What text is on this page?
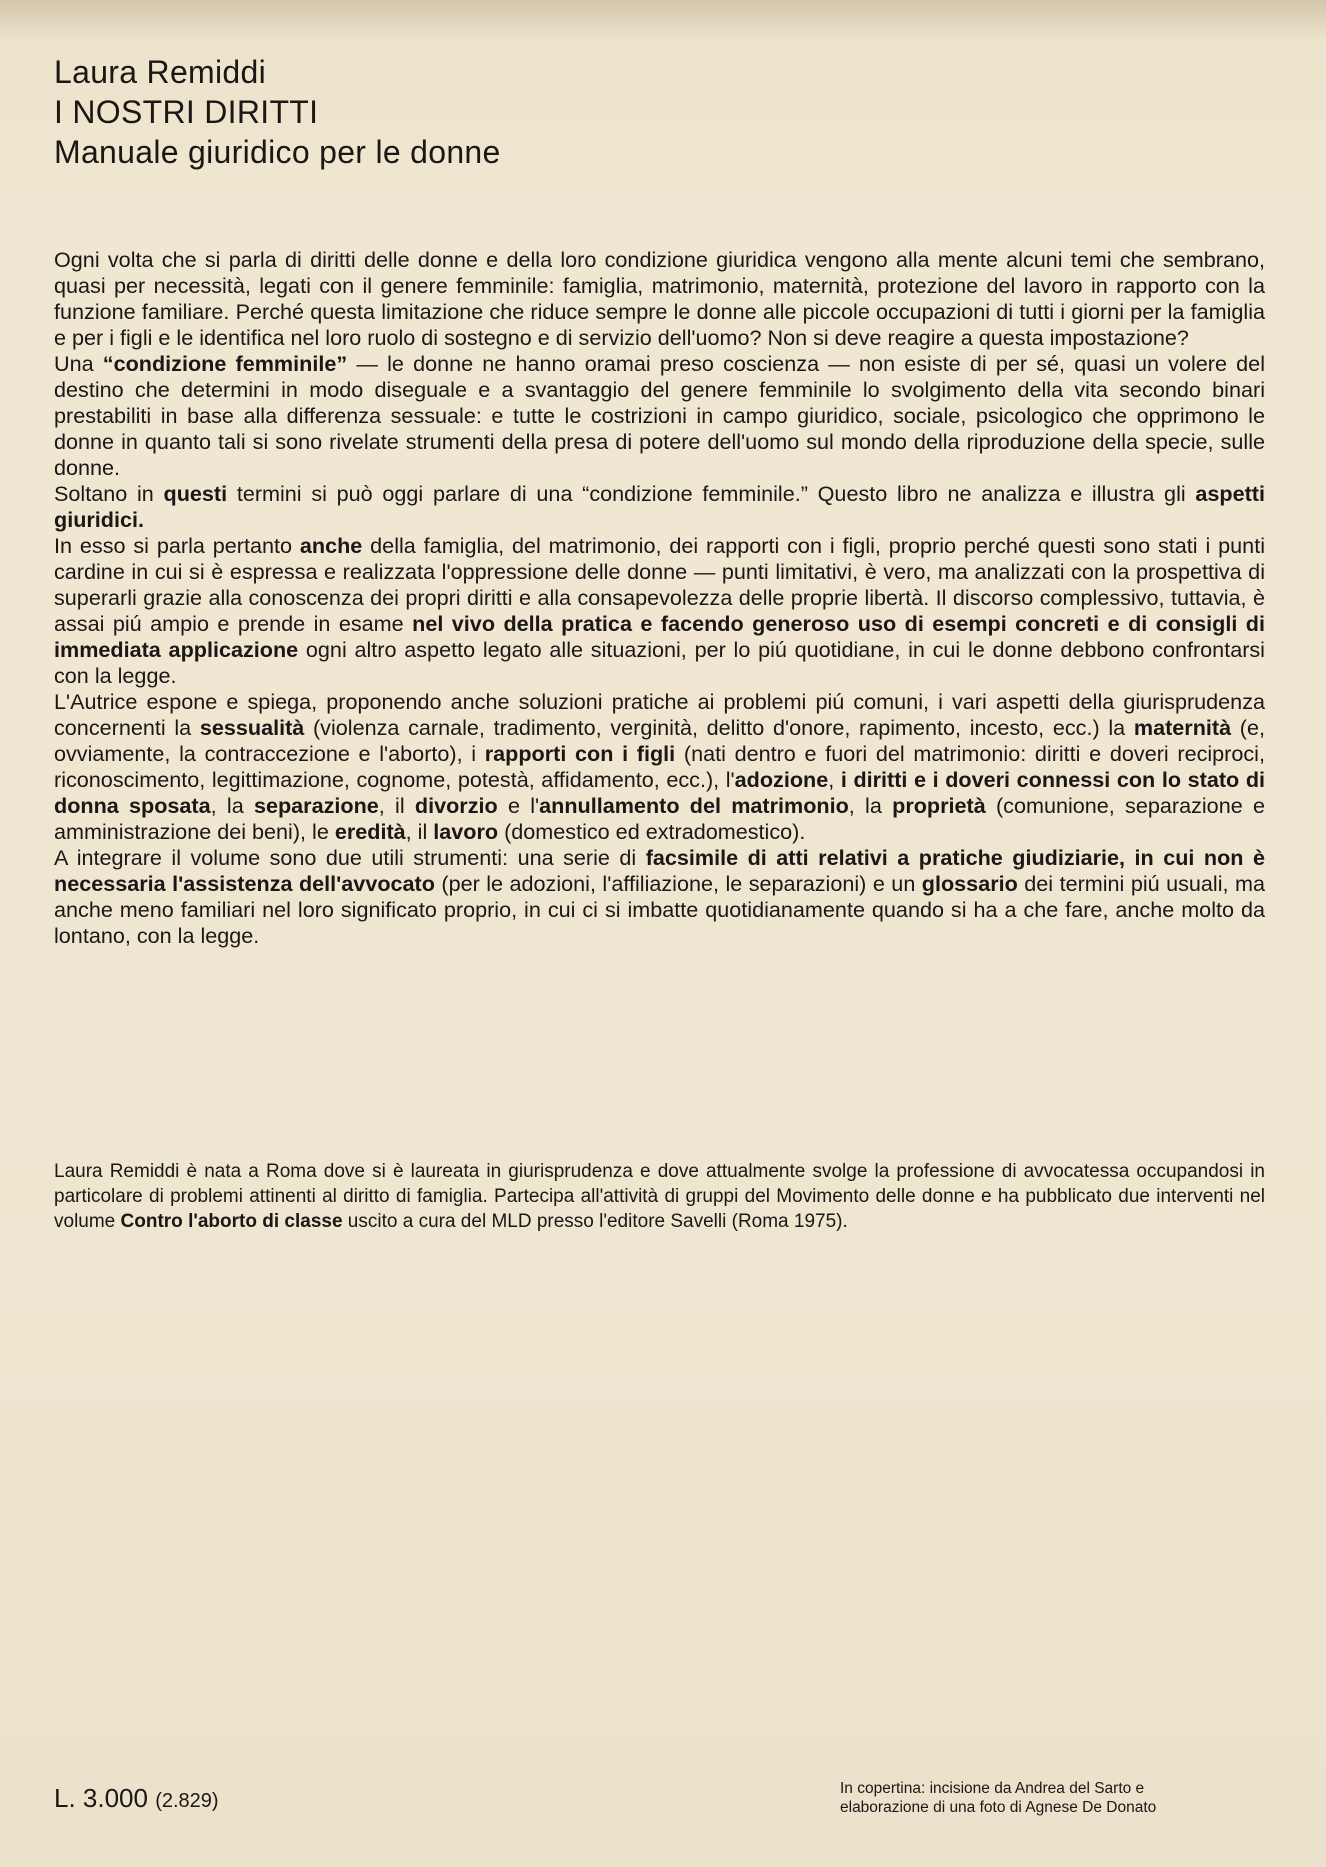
Laura Remiddi
I NOSTRI DIRITTI
Manuale giuridico per le donne

Ogni volta che si parla di diritti delle donne e della loro condizione giuridica vengono alla mente alcuni temi che sembrano, quasi per necessità, legati con il genere femminile: famiglia, matrimonio, maternità, protezione del lavoro in rapporto con la funzione familiare. Perché questa limitazione che riduce sempre le donne alle piccole occupazioni di tutti i giorni per la famiglia e per i figli e le identifica nel loro ruolo di sostegno e di servizio dell'uomo? Non si deve reagire a questa impostazione?

Una “condizione femminile” — le donne ne hanno oramai preso coscienza — non esiste di per sé, quasi un volere del destino che determini in modo diseguale e a svantaggio del genere femminile lo svolgimento della vita secondo binari prestabiliti in base alla differenza sessuale: e tutte le costrizioni in campo giuridico, sociale, psicologico che opprimono le donne in quanto tali si sono rivelate strumenti della presa di potere dell'uomo sul mondo della riproduzione della specie, sulle donne.

Soltano in questi termini si può oggi parlare di una “condizione femminile.” Questo libro ne analizza e illustra gli aspetti giuridici.

In esso si parla pertanto anche della famiglia, del matrimonio, dei rapporti con i figli, proprio perché questi sono stati i punti cardine in cui si è espressa e realizzata l'oppressione delle donne — punti limitativi, è vero, ma analizzati con la prospettiva di superarli grazie alla conoscenza dei propri diritti e alla consapevolezza delle proprie libertà. Il discorso complessivo, tuttavia, è assai piú ampio e prende in esame nel vivo della pratica e facendo generoso uso di esempi concreti e di consigli di immediata applicazione ogni altro aspetto legato alle situazioni, per lo piú quotidiane, in cui le donne debbono confrontarsi con la legge.

L'Autrice espone e spiega, proponendo anche soluzioni pratiche ai problemi piú comuni, i vari aspetti della giurisprudenza concernenti la sessualità (violenza carnale, tradimento, verginità, delitto d'onore, rapimento, incesto, ecc.) la maternità (e, ovviamente, la contraccezione e l'aborto), i rapporti con i figli (nati dentro e fuori del matrimonio: diritti e doveri reciproci, riconoscimento, legittimazione, cognome, potestà, affidamento, ecc.), l'adozione, i diritti e i doveri connessi con lo stato di donna sposata, la separazione, il divorzio e l'annullamento del matrimonio, la proprietà (comunione, separazione e amministrazione dei beni), le eredità, il lavoro (domestico ed extradomestico).

A integrare il volume sono due utili strumenti: una serie di facsimile di atti relativi a pratiche giudiziarie, in cui non è necessaria l'assistenza dell'avvocato (per le adozioni, l'affiliazione, le separazioni) e un glossario dei termini piú usuali, ma anche meno familiari nel loro significato proprio, in cui ci si imbatte quotidianamente quando si ha a che fare, anche molto da lontano, con la legge.

Laura Remiddi è nata a Roma dove si è laureata in giurisprudenza e dove attualmente svolge la professione di avvocatessa occupandosi in particolare di problemi attinenti al diritto di famiglia. Partecipa all'attività di gruppi del Movimento delle donne e ha pubblicato due interventi nel volume Contro l'aborto di classe uscito a cura del MLD presso l'editore Savelli (Roma 1975).
L. 3.000 (2.829)
In copertina: incisione da Andrea del Sarto e
elaborazione di una foto di Agnese De Donato
